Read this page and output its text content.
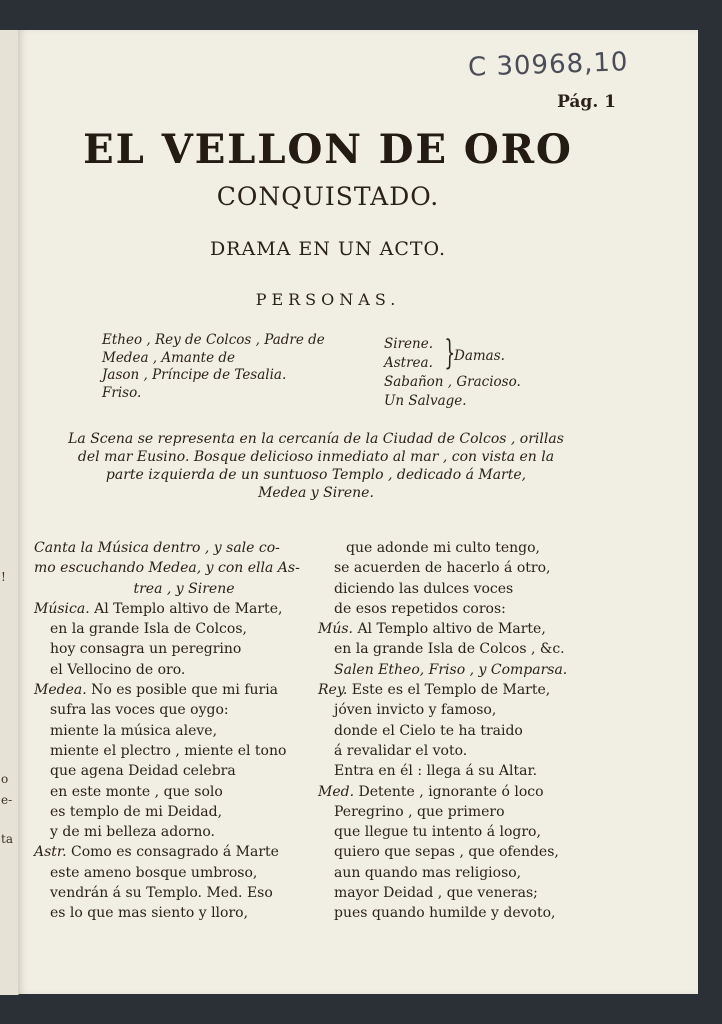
!
o
e-
ta
C 30968,10
Pág. 1
EL VELLON DE ORO
CONQUISTADO.
DRAMA EN UN ACTO.
PERSONAS.
Etheo , Rey de Colcos , Padre de
Medea , Amante de
Jason , Príncipe de Tesalia.
Friso.
Sirene.
Astrea.
Sabañon , Gracioso.
Un Salvage.
}
Damas.
La Scena se representa en la cercanía de la Ciudad de Colcos , orillas
del mar Eusino. Bosque delicioso inmediato al mar , con vista en la
parte izquierda de un suntuoso Templo , dedicado á Marte,
Medea y Sirene.
Canta la Música dentro , y sale co-
mo escuchando Medea, y con ella As-
trea , y Sirene
Música. Al Templo altivo de Marte,
en la grande Isla de Colcos,
hoy consagra un peregrino
el Vellocino de oro.
Medea. No es posible que mi furia
sufra las voces que oygo:
miente la música aleve,
miente el plectro , miente el tono
que agena Deidad celebra
en este monte , que solo
es templo de mi Deidad,
y de mi belleza adorno.
Astr. Como es consagrado á Marte
este ameno bosque umbroso,
vendrán á su Templo. Med. Eso
es lo que mas siento y lloro,
que adonde mi culto tengo,
se acuerden de hacerlo á otro,
diciendo las dulces voces
de esos repetidos coros:
Mús. Al Templo altivo de Marte,
en la grande Isla de Colcos , &c.
Salen Etheo, Friso , y Comparsa.
Rey. Este es el Templo de Marte,
jóven invicto y famoso,
donde el Cielo te ha traido
á revalidar el voto.
Entra en él : llega á su Altar.
Med. Detente , ignorante ó loco
Peregrino , que primero
que llegue tu intento á logro,
quiero que sepas , que ofendes,
aun quando mas religioso,
mayor Deidad , que veneras;
pues quando humilde y devoto,
